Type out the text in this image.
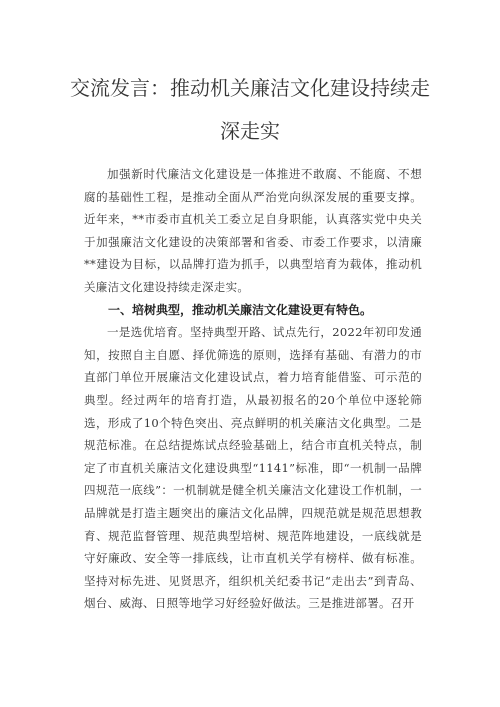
交流发言：推动机关廉洁文化建设持续走
深走实

加强新时代廉洁文化建设是一体推进不敢腐、不能腐、不想腐的基础性工程，是推动全面从严治党向纵深发展的重要支撑。近年来，**市委市直机关工委立足自身职能，认真落实党中央关于加强廉洁文化建设的决策部署和省委、市委工作要求，以清廉**建设为目标，以品牌打造为抓手，以典型培育为载体，推动机关廉洁文化建设持续走深走实。

一、培树典型，推动机关廉洁文化建设更有特色。

一是选优培育。坚持典型开路、试点先行，2022年初印发通知，按照自主自愿、择优筛选的原则，选择有基础、有潜力的市直部门单位开展廉洁文化建设试点，着力培育能借鉴、可示范的典型。经过两年的培育打造，从最初报名的20个单位中逐轮筛选，形成了10个特色突出、亮点鲜明的机关廉洁文化典型。二是规范标准。在总结提炼试点经验基础上，结合市直机关特点，制定了市直机关廉洁文化建设典型“1141”标准，即“一机制一品牌四规范一底线”：一机制就是健全机关廉洁文化建设工作机制，一品牌就是打造主题突出的廉洁文化品牌，四规范就是规范思想教育、规范监督管理、规范典型培树、规范阵地建设，一底线就是守好廉政、安全等一排底线，让市直机关学有榜样、做有标准。坚持对标先进、见贤思齐，组织机关纪委书记“走出去”到青岛、烟台、威海、日照等地学习好经验好做法。三是推进部署。召开
